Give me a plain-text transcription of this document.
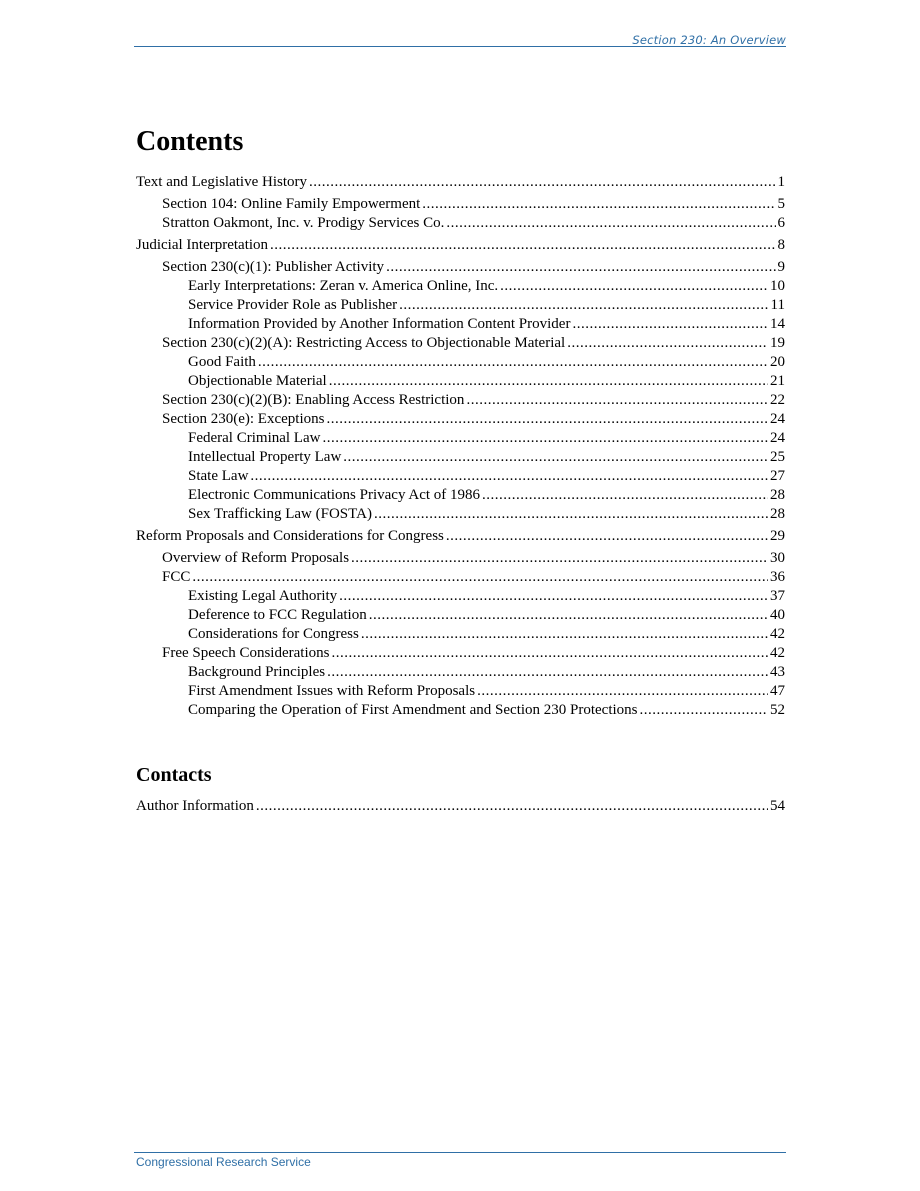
Section 230: An Overview
Contents
Text and Legislative History .....	1
Section 104: Online Family Empowerment .....	5
Stratton Oakmont, Inc. v. Prodigy Services Co. .....	6
Judicial Interpretation .....	8
Section 230(c)(1): Publisher Activity .....	9
Early Interpretations: Zeran v. America Online, Inc. .....	10
Service Provider Role as Publisher .....	11
Information Provided by Another Information Content Provider .....	14
Section 230(c)(2)(A): Restricting Access to Objectionable Material .....	19
Good Faith .....	20
Objectionable Material .....	21
Section 230(c)(2)(B): Enabling Access Restriction .....	22
Section 230(e): Exceptions .....	24
Federal Criminal Law .....	24
Intellectual Property Law .....	25
State Law .....	27
Electronic Communications Privacy Act of 1986 .....	28
Sex Trafficking Law (FOSTA) .....	28
Reform Proposals and Considerations for Congress .....	29
Overview of Reform Proposals .....	30
FCC .....	36
Existing Legal Authority .....	37
Deference to FCC Regulation .....	40
Considerations for Congress .....	42
Free Speech Considerations .....	42
Background Principles .....	43
First Amendment Issues with Reform Proposals .....	47
Comparing the Operation of First Amendment and Section 230 Protections .....	52
Contacts
Author Information .....	54
Congressional Research Service
